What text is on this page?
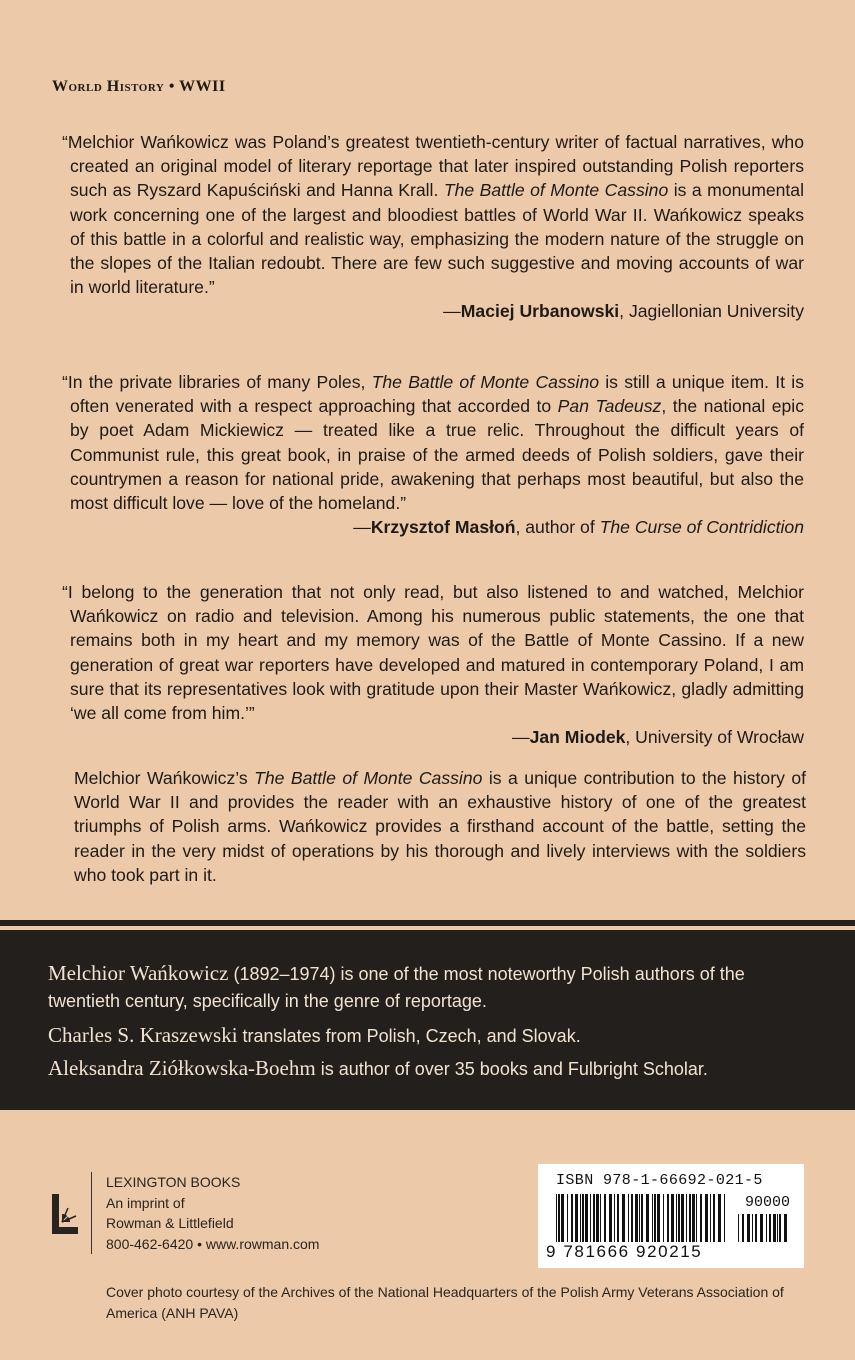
World History • WWII
“Melchior Wańkowicz was Poland’s greatest twentieth-century writer of factual narratives, who created an original model of literary reportage that later inspired outstanding Polish reporters such as Ryszard Kapuściński and Hanna Krall. The Battle of Monte Cassino is a monumental work concerning one of the largest and bloodiest battles of World War II. Wańkowicz speaks of this battle in a colorful and realistic way, emphasizing the modern nature of the struggle on the slopes of the Italian redoubt. There are few such suggestive and moving accounts of war in world literature.”
—Maciej Urbanowski, Jagiellonian University
“In the private libraries of many Poles, The Battle of Monte Cassino is still a unique item. It is often venerated with a respect approaching that accorded to Pan Tadeusz, the national epic by poet Adam Mickiewicz — treated like a true relic. Throughout the difficult years of Communist rule, this great book, in praise of the armed deeds of Polish soldiers, gave their countrymen a reason for national pride, awakening that perhaps most beautiful, but also the most difficult love — love of the homeland.”
—Krzysztof Masłoń, author of The Curse of Contridiction
“I belong to the generation that not only read, but also listened to and watched, Melchior Wańkowicz on radio and television. Among his numerous public statements, the one that remains both in my heart and my memory was of the Battle of Monte Cassino. If a new generation of great war reporters have developed and matured in contemporary Poland, I am sure that its representatives look with gratitude upon their Master Wańkowicz, gladly admitting ‘we all come from him.’”
—Jan Miodek, University of Wrocław
Melchior Wańkowicz’s The Battle of Monte Cassino is a unique contribution to the history of World War II and provides the reader with an exhaustive history of one of the greatest triumphs of Polish arms. Wańkowicz provides a firsthand account of the battle, setting the reader in the very midst of operations by his thorough and lively interviews with the soldiers who took part in it.
Melchior Wańkowicz (1892–1974) is one of the most noteworthy Polish authors of the twentieth century, specifically in the genre of reportage.
Charles S. Kraszewski translates from Polish, Czech, and Slovak.
Aleksandra Ziółkowska-Boehm is author of over 35 books and Fulbright Scholar.
LEXINGTON BOOKS
An imprint of
Rowman & Littlefield
800-462-6420 • www.rowman.com
ISBN 978-1-66692-021-5
90000
9 781666 920215
Cover photo courtesy of the Archives of the National Headquarters of the Polish Army Veterans Association of America (ANH PAVA)
